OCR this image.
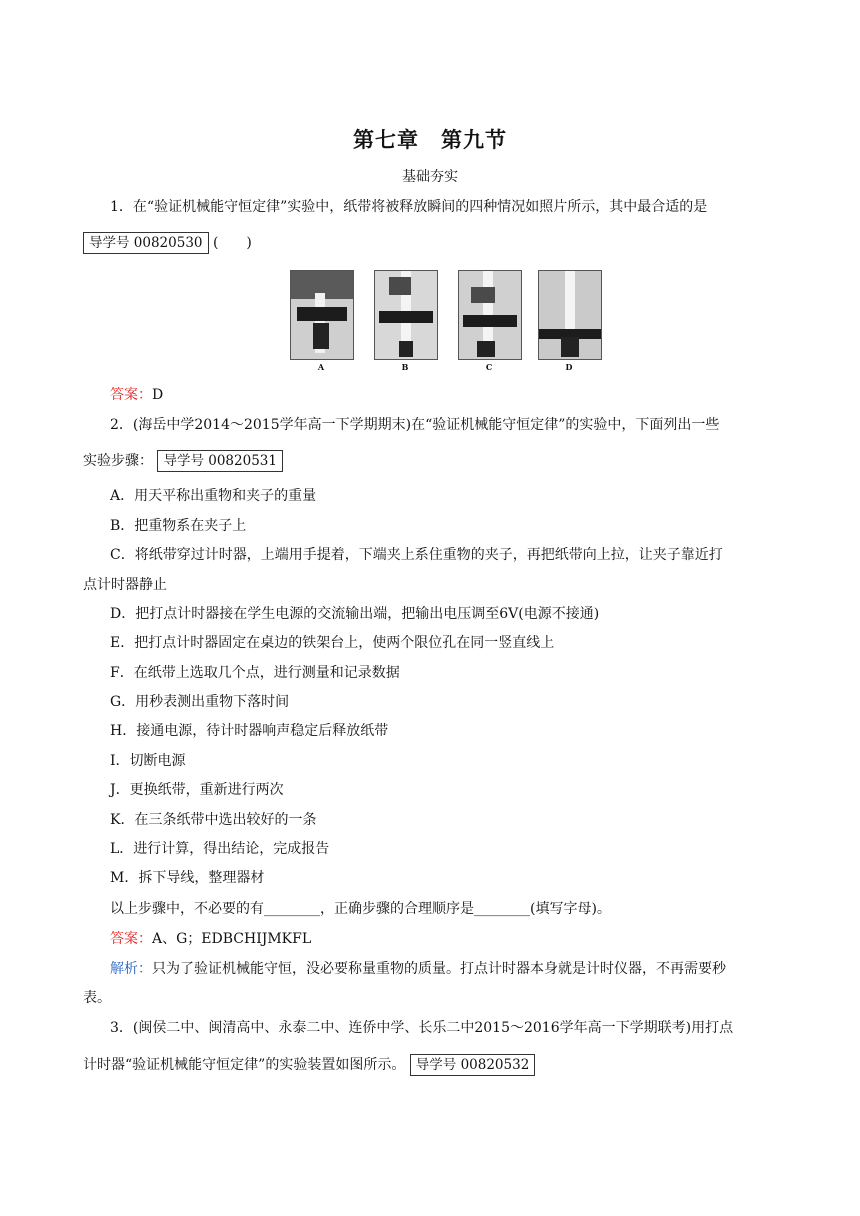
第七章　第九节
基础夯实
1．在“验证机械能守恒定律”实验中，纸带将被释放瞬间的四种情况如照片所示，其中最合适的是
导学号 00820530 (　　)
A	B	C	D
答案：D
2．(海岳中学2014～2015学年高一下学期期末)在“验证机械能守恒定律”的实验中，下面列出一些
实验步骤： 导学号 00820531
A．用天平称出重物和夹子的重量
B．把重物系在夹子上
C．将纸带穿过计时器，上端用手提着，下端夹上系住重物的夹子，再把纸带向上拉，让夹子靠近打
点计时器静止
D．把打点计时器接在学生电源的交流输出端，把输出电压调至6V(电源不接通)
E．把打点计时器固定在桌边的铁架台上，使两个限位孔在同一竖直线上
F．在纸带上选取几个点，进行测量和记录数据
G．用秒表测出重物下落时间
H．接通电源，待计时器响声稳定后释放纸带
I．切断电源
J．更换纸带，重新进行两次
K．在三条纸带中选出较好的一条
L．进行计算，得出结论，完成报告
M．拆下导线，整理器材
以上步骤中，不必要的有________，正确步骤的合理顺序是________(填写字母)。
答案：A、G；EDBCHIJMKFL
解析：只为了验证机械能守恒，没必要称量重物的质量。打点计时器本身就是计时仪器，不再需要秒
表。
3．(闽侯二中、闽清高中、永泰二中、连侨中学、长乐二中2015～2016学年高一下学期联考)用打点
计时器“验证机械能守恒定律”的实验装置如图所示。 导学号 00820532
